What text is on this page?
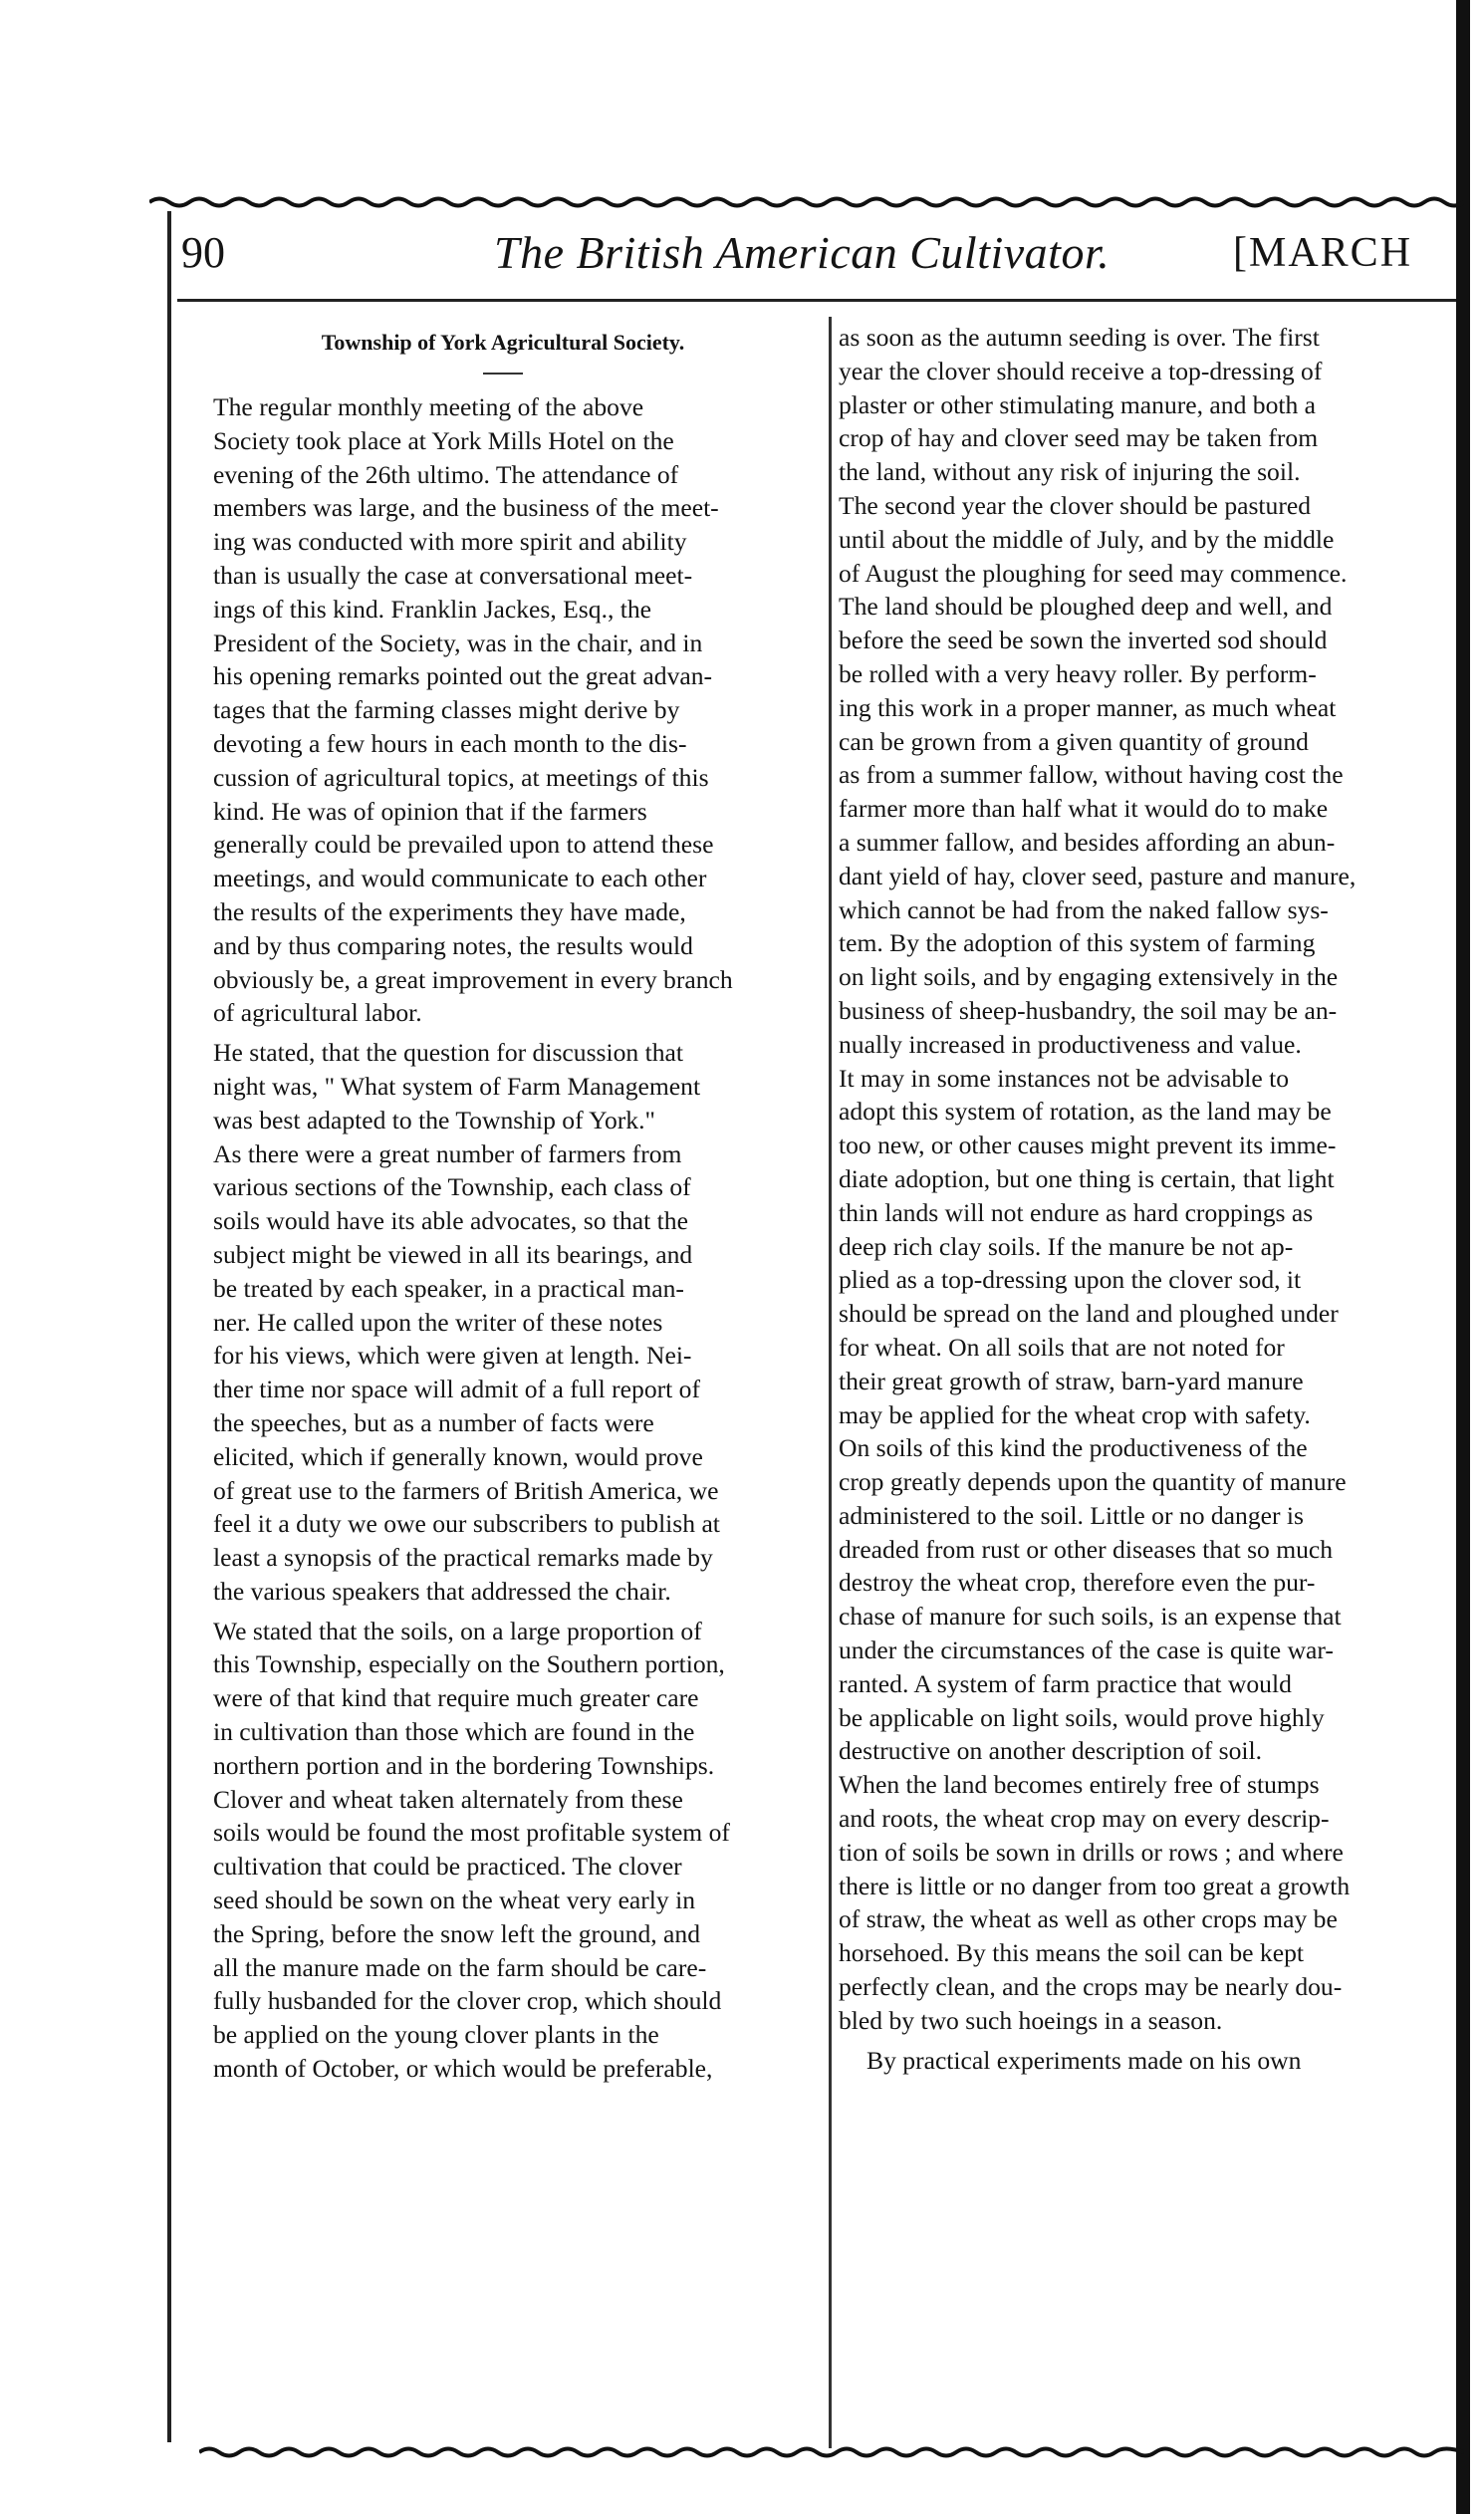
90	The British American Cultivator.	[MARCH
Township of York Agricultural Society.
The regular monthly meeting of the above
Society took place at York Mills Hotel on the
evening of the 26th ultimo. The attendance of
members was large, and the business of the meet-
ing was conducted with more spirit and ability
than is usually the case at conversational meet-
ings of this kind. Franklin Jackes, Esq., the
President of the Society, was in the chair, and in
his opening remarks pointed out the great advan-
tages that the farming classes might derive by
devoting a few hours in each month to the dis-
cussion of agricultural topics, at meetings of this
kind. He was of opinion that if the farmers
generally could be prevailed upon to attend these
meetings, and would communicate to each other
the results of the experiments they have made,
and by thus comparing notes, the results would
obviously be, a great improvement in every branch
of agricultural labor.
He stated, that the question for discussion that
night was, " What system of Farm Management
was best adapted to the Township of York."
As there were a great number of farmers from
various sections of the Township, each class of
soils would have its able advocates, so that the
subject might be viewed in all its bearings, and
be treated by each speaker, in a practical man-
ner. He called upon the writer of these notes
for his views, which were given at length. Nei-
ther time nor space will admit of a full report of
the speeches, but as a number of facts were
elicited, which if generally known, would prove
of great use to the farmers of British America, we
feel it a duty we owe our subscribers to publish at
least a synopsis of the practical remarks made by
the various speakers that addressed the chair.
We stated that the soils, on a large proportion of
this Township, especially on the Southern portion,
were of that kind that require much greater care
in cultivation than those which are found in the
northern portion and in the bordering Townships.
Clover and wheat taken alternately from these
soils would be found the most profitable system of
cultivation that could be practiced. The clover
seed should be sown on the wheat very early in
the Spring, before the snow left the ground, and
all the manure made on the farm should be care-
fully husbanded for the clover crop, which should
be applied on the young clover plants in the
month of October, or which would be preferable,
as soon as the autumn seeding is over. The first
year the clover should receive a top-dressing of
plaster or other stimulating manure, and both a
crop of hay and clover seed may be taken from
the land, without any risk of injuring the soil.
The second year the clover should be pastured
until about the middle of July, and by the middle
of August the ploughing for seed may commence.
The land should be ploughed deep and well, and
before the seed be sown the inverted sod should
be rolled with a very heavy roller. By perform-
ing this work in a proper manner, as much wheat
can be grown from a given quantity of ground
as from a summer fallow, without having cost the
farmer more than half what it would do to make
a summer fallow, and besides affording an abun-
dant yield of hay, clover seed, pasture and manure,
which cannot be had from the naked fallow sys-
tem. By the adoption of this system of farming
on light soils, and by engaging extensively in the
business of sheep-husbandry, the soil may be an-
nually increased in productiveness and value.
It may in some instances not be advisable to
adopt this system of rotation, as the land may be
too new, or other causes might prevent its imme-
diate adoption, but one thing is certain, that light
thin lands will not endure as hard croppings as
deep rich clay soils. If the manure be not ap-
plied as a top-dressing upon the clover sod, it
should be spread on the land and ploughed under
for wheat. On all soils that are not noted for
their great growth of straw, barn-yard manure
may be applied for the wheat crop with safety.
On soils of this kind the productiveness of the
crop greatly depends upon the quantity of manure
administered to the soil. Little or no danger is
dreaded from rust or other diseases that so much
destroy the wheat crop, therefore even the pur-
chase of manure for such soils, is an expense that
under the circumstances of the case is quite war-
ranted. A system of farm practice that would
be applicable on light soils, would prove highly
destructive on another description of soil.
When the land becomes entirely free of stumps
and roots, the wheat crop may on every descrip-
tion of soils be sown in drills or rows ; and where
there is little or no danger from too great a growth
of straw, the wheat as well as other crops may be
horsehoed. By this means the soil can be kept
perfectly clean, and the crops may be nearly dou-
bled by two such hoeings in a season.
By practical experiments made on his own
